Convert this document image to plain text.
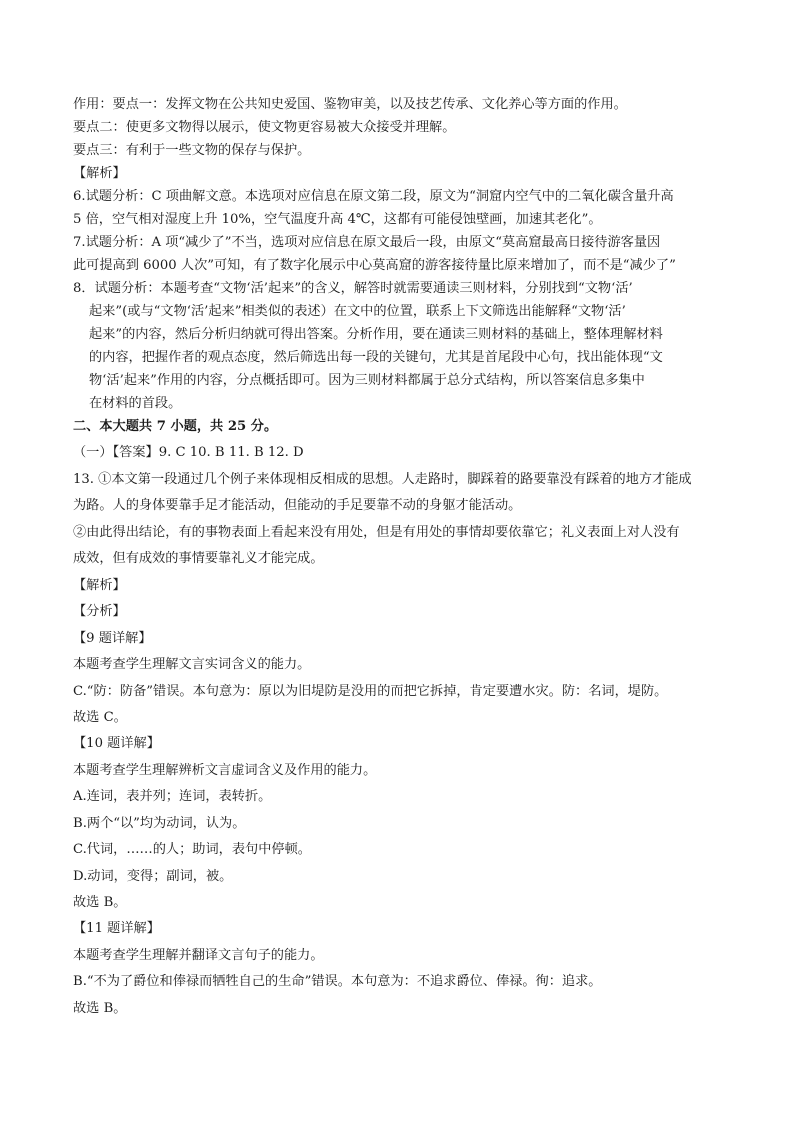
作用：要点一：发挥文物在公共知史爱国、鉴物审美，以及技艺传承、文化养心等方面的作用。
要点二：使更多文物得以展示，使文物更容易被大众接受并理解。
要点三：有利于一些文物的保存与保护。
【解析】
6.试题分析：C 项曲解文意。本选项对应信息在原文第二段，原文为“洞窟内空气中的二氧化碳含量升高
5 倍，空气相对湿度上升 10%，空气温度升高 4℃，这都有可能侵蚀壁画，加速其老化”。
7.试题分析：A 项“减少了”不当，选项对应信息在原文最后一段，由原文“莫高窟最高日接待游客量因
此可提高到 6000 人次”可知，有了数字化展示中心莫高窟的游客接待量比原来增加了，而不是“减少了”
8．试题分析：本题考查“文物‘活’起来”的含义，解答时就需要通读三则材料，分别找到“文物‘活’
起来”(或与“文物‘活’起来”相类似的表述）在文中的位置，联系上下文筛选出能解释“文物‘活’
起来”的内容，然后分析归纳就可得出答案。分析作用，要在通读三则材料的基础上，整体理解材料
的内容，把握作者的观点态度，然后筛选出每一段的关键句，尤其是首尾段中心句，找出能体现“文
物‘活’起来”作用的内容，分点概括即可。因为三则材料都属于总分式结构，所以答案信息多集中
在材料的首段。
二、本大题共 7 小题，共 25 分。
（一）【答案】9. C 10. B 11. B 12. D
13. ①本文第一段通过几个例子来体现相反相成的思想。人走路时，脚踩着的路要靠没有踩着的地方才能成
为路。人的身体要靠手足才能活动，但能动的手足要靠不动的身躯才能活动。
②由此得出结论，有的事物表面上看起来没有用处，但是有用处的事情却要依靠它；礼义表面上对人没有
成效，但有成效的事情要靠礼义才能完成。
【解析】
【分析】
【9 题详解】
本题考查学生理解文言实词含义的能力。
C.“防：防备”错误。本句意为：原以为旧堤防是没用的而把它拆掉，肯定要遭水灾。防：名词，堤防。
故选 C。
【10 题详解】
本题考查学生理解辨析文言虚词含义及作用的能力。
A.连词，表并列；连词，表转折。
B.两个“以”均为动词，认为。
C.代词，……的人；助词，表句中停顿。
D.动词，变得；副词，被。
故选 B。
【11 题详解】
本题考查学生理解并翻译文言句子的能力。
B.“不为了爵位和俸禄而牺牲自己的生命”错误。本句意为：不追求爵位、俸禄。徇：追求。
故选 B。
